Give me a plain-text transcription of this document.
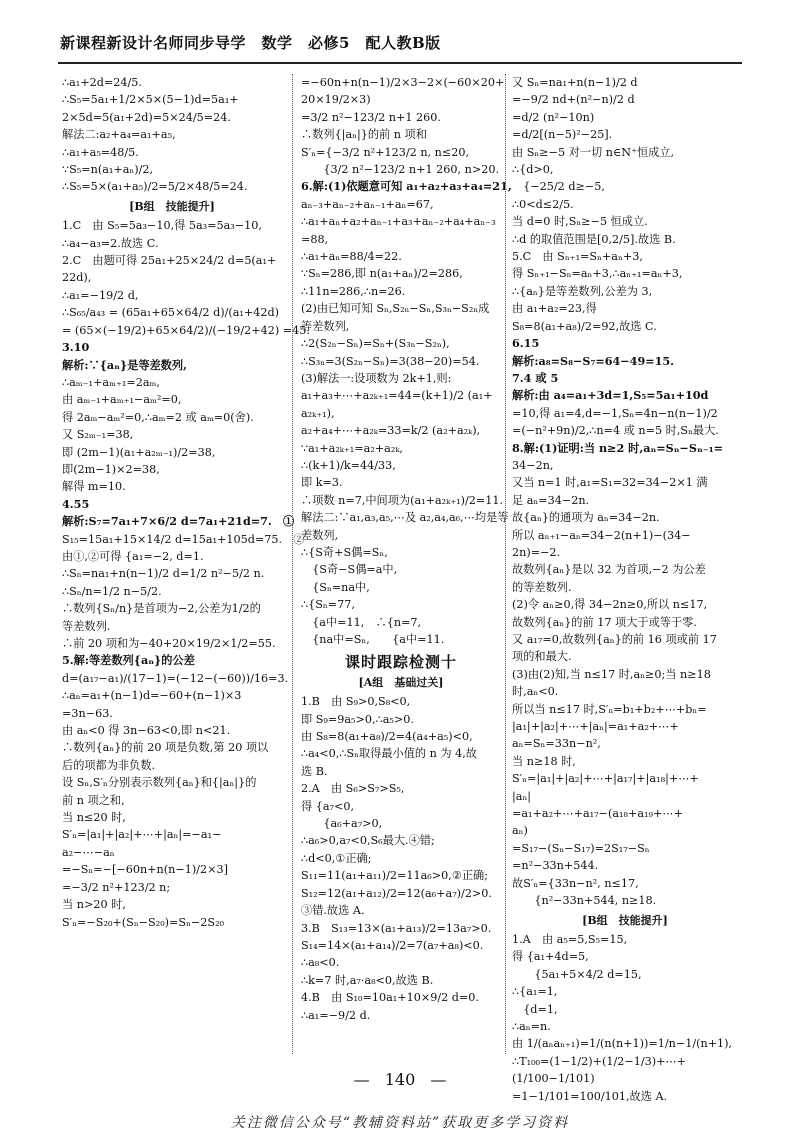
新课程新设计名师同步导学　数学　必修5　配人教B版
∴a₁+2d=24/5.
∴S₅=5a₁+1/2×5×(5−1)d=5a₁+
2×5d=5(a₁+2d)=5×24/5=24.
解法二:a₂+a₄=a₁+a₅,
∴a₁+a₅=48/5.
∵S₅=n(a₁+aₙ)/2,
∴S₅=5×(a₁+a₅)/2=5/2×48/5=24.
[B组　技能提升]
1.C　由 S₅=5a₃−10,得 5a₃=5a₃−10,
∴a₄−a₃=2.故选 C.
2.C　由题可得 25a₁+25×24/2 d=5(a₁+
22d),
∴a₁=−19/2 d,
∴S₆₅/a₄₃ = (65a₁+65×64/2 d)/(a₁+42d)
= (65×(−19/2)+65×64/2)/(−19/2+42) =45.
3.10
解析:∵{aₙ}是等差数列,
∴aₘ₋₁+aₘ₊₁=2aₘ,
由 aₘ₋₁+aₘ₊₁−aₘ²=0,
得 2aₘ−aₘ²=0,∴aₘ=2 或 aₘ=0(舍).
又 S₂ₘ₋₁=38,
即 (2m−1)(a₁+a₂ₘ₋₁)/2=38,
即(2m−1)×2=38,
解得 m=10.
4.55
解析:S₇=7a₁+7×6/2 d=7a₁+21d=7.　①
S₁₅=15a₁+15×14/2 d=15a₁+105d=75.　②
由①,②可得 {a₁=−2, d=1.
∴Sₙ=na₁+n(n−1)/2 d=1/2 n²−5/2 n.
∴Sₙ/n=1/2 n−5/2.
∴数列{Sₙ/n}是首项为−2,公差为1/2的
等差数列.
∴前 20 项和为−40+20×19/2×1/2=55.
5.解:等差数列{aₙ}的公差
d=(a₁₇−a₁)/(17−1)=(−12−(−60))/16=3.
∴aₙ=a₁+(n−1)d=−60+(n−1)×3
=3n−63.
由 aₙ<0 得 3n−63<0,即 n<21.
∴数列{aₙ}的前 20 项是负数,第 20 项以
后的项都为非负数.
设 Sₙ,S′ₙ分别表示数列{aₙ}和{|aₙ|}的
前 n 项之和,
当 n≤20 时,
S′ₙ=|a₁|+|a₂|+⋯+|aₙ|=−a₁−
a₂−⋯−aₙ
=−Sₙ=−[−60n+n(n−1)/2×3]
=−3/2 n²+123/2 n;
当 n>20 时,
S′ₙ=−S₂₀+(Sₙ−S₂₀)=Sₙ−2S₂₀
=−60n+n(n−1)/2×3−2×(−60×20+
20×19/2×3)
=3/2 n²−123/2 n+1 260.
∴数列{|aₙ|}的前 n 项和
S′ₙ={−3/2 n²+123/2 n, n≤20,
　　{3/2 n²−123/2 n+1 260, n>20.
6.解:(1)依题意可知 a₁+a₂+a₃+a₄=21,
aₙ₋₃+aₙ₋₂+aₙ₋₁+aₙ=67,
∴a₁+aₙ+a₂+aₙ₋₁+a₃+aₙ₋₂+a₄+aₙ₋₃
=88,
∴a₁+aₙ=88/4=22.
∵Sₙ=286,即 n(a₁+aₙ)/2=286,
∴11n=286,∴n=26.
(2)由已知可知 Sₙ,S₂ₙ−Sₙ,S₃ₙ−S₂ₙ成
等差数列,
∴2(S₂ₙ−Sₙ)=Sₙ+(S₃ₙ−S₂ₙ),
∴S₃ₙ=3(S₂ₙ−Sₙ)=3(38−20)=54.
(3)解法一:设项数为 2k+1,则:
a₁+a₃+⋯+a₂ₖ₊₁=44=(k+1)/2 (a₁+
a₂ₖ₊₁),
a₂+a₄+⋯+a₂ₖ=33=k/2 (a₂+a₂ₖ),
∵a₁+a₂ₖ₊₁=a₂+a₂ₖ,
∴(k+1)/k=44/33,
即 k=3.
∴项数 n=7,中间项为(a₁+a₂ₖ₊₁)/2=11.
解法二:∵a₁,a₃,a₅,⋯及 a₂,a₄,a₆,⋯均是等
差数列,
∴{S奇+S偶=Sₙ,
　{S奇−S偶=a中,
　{Sₙ=na中,
∴{Sₙ=77,
　{a中=11,　∴{n=7,
　{na中=Sₙ,　　{a中=11.
课时跟踪检测十
[A组　基础过关]
1.B　由 S₉>0,S₈<0,
即 S₉=9a₅>0,∴a₅>0.
由 S₈=8(a₁+a₈)/2=4(a₄+a₅)<0,
∴a₄<0,∴Sₙ取得最小值的 n 为 4,故
选 B.
2.A　由 S₆>S₇>S₅,
得 {a₇<0,
　　{a₆+a₇>0,
∴a₆>0,a₇<0,S₆最大.④错;
∴d<0,①正确;
S₁₁=11(a₁+a₁₁)/2=11a₆>0,②正确;
S₁₂=12(a₁+a₁₂)/2=12(a₆+a₇)/2>0.
③错.故选 A.
3.B　S₁₃=13×(a₁+a₁₃)/2=13a₇>0.
S₁₄=14×(a₁+a₁₄)/2=7(a₇+a₈)<0.
∴a₈<0.
∴k=7 时,a₇·a₈<0,故选 B.
4.B　由 S₁₀=10a₁+10×9/2 d=0.
∴a₁=−9/2 d.
又 Sₙ=na₁+n(n−1)/2 d
=−9/2 nd+(n²−n)/2 d
=d/2 (n²−10n)
=d/2[(n−5)²−25].
由 Sₙ≥−5 对一切 n∈N⁺恒成立,
∴{d>0,
　{−25/2 d≥−5,
∴0<d≤2/5.
当 d=0 时,Sₙ≥−5 恒成立.
∴d 的取值范围是[0,2/5].故选 B.
5.C　由 Sₙ₊₁=Sₙ+aₙ+3,
得 Sₙ₊₁−Sₙ=aₙ+3,∴aₙ₊₁=aₙ+3,
∴{aₙ}是等差数列,公差为 3,
由 a₁+a₂=23,得
S₈=8(a₁+a₈)/2=92,故选 C.
6.15
解析:a₈=S₈−S₇=64−49=15.
7.4 或 5
解析:由 a₄=a₁+3d=1,S₅=5a₁+10d
=10,得 a₁=4,d=−1,Sₙ=4n−n(n−1)/2
=(−n²+9n)/2,∴n=4 或 n=5 时,Sₙ最大.
8.解:(1)证明:当 n≥2 时,aₙ=Sₙ−Sₙ₋₁=
34−2n,
又当 n=1 时,a₁=S₁=32=34−2×1 满
足 aₙ=34−2n.
故{aₙ}的通项为 aₙ=34−2n.
所以 aₙ₊₁−aₙ=34−2(n+1)−(34−
2n)=−2.
故数列{aₙ}是以 32 为首项,−2 为公差
的等差数列.
(2)令 aₙ≥0,得 34−2n≥0,所以 n≤17,
故数列{aₙ}的前 17 项大于或等于零.
又 a₁₇=0,故数列{aₙ}的前 16 项或前 17
项的和最大.
(3)由(2)知,当 n≤17 时,aₙ≥0;当 n≥18
时,aₙ<0.
所以当 n≤17 时,S′ₙ=b₁+b₂+⋯+bₙ=
|a₁|+|a₂|+⋯+|aₙ|=a₁+a₂+⋯+
aₙ=Sₙ=33n−n²,
当 n≥18 时,
S′ₙ=|a₁|+|a₂|+⋯+|a₁₇|+|a₁₈|+⋯+
|aₙ|
=a₁+a₂+⋯+a₁₇−(a₁₈+a₁₉+⋯+
aₙ)
=S₁₇−(Sₙ−S₁₇)=2S₁₇−Sₙ
=n²−33n+544.
故S′ₙ={33n−n², n≤17,
　　{n²−33n+544, n≥18.
[B组　技能提升]
1.A　由 a₅=5,S₅=15,
得 {a₁+4d=5,
　　{5a₁+5×4/2 d=15,
∴{a₁=1,
　{d=1,
∴aₙ=n.
由 1/(aₙaₙ₊₁)=1/(n(n+1))=1/n−1/(n+1),
∴T₁₀₀=(1−1/2)+(1/2−1/3)+⋯+
(1/100−1/101)
=1−1/101=100/101,故选 A.
— 140 —
关注微信公众号“教辅资料站”获取更多学习资料
